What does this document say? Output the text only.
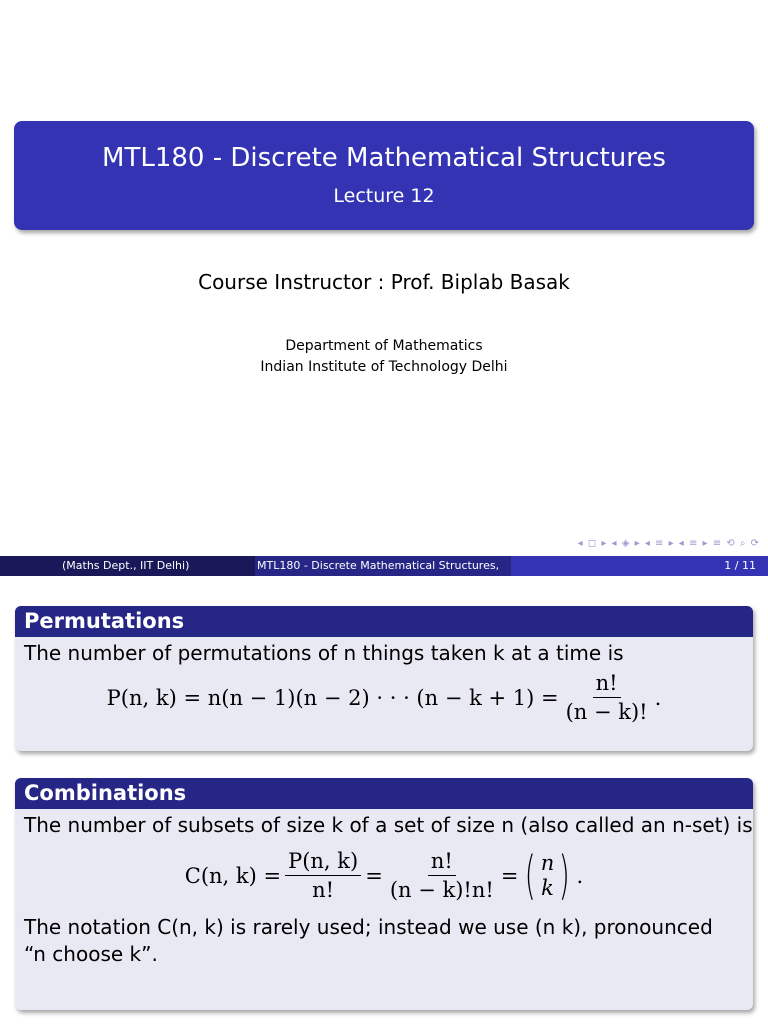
MTL180 - Discrete Mathematical Structures
Lecture 12
Course Instructor : Prof. Biplab Basak
Department of Mathematics
Indian Institute of Technology Delhi
◂ ◻ ▸ ◂ ◈ ▸ ◂ ≡ ▸ ◂ ≡ ▸ ≡ ⟲ ⌕ ⟳
(Maths Dept., IIT Delhi)	MTL180 - Discrete Mathematical Structures,	1 / 11
Permutations
The number of permutations of n things taken k at a time is
P(n, k) = n(n − 1)(n − 2) · · · $(n - k + 1) = \frac{n!}{(n - k)!}$ .
Combinations
The number of subsets of size k of a set of size n (also called an n-set) is
C(n, $k) = \frac{P(n, k)}{n!} = \frac{n!}{(n - k)!n!}$ = ( n
k ) .
The notation C(n, k) is rarely used; instead we use (n k), pronounced “n choose k”.
